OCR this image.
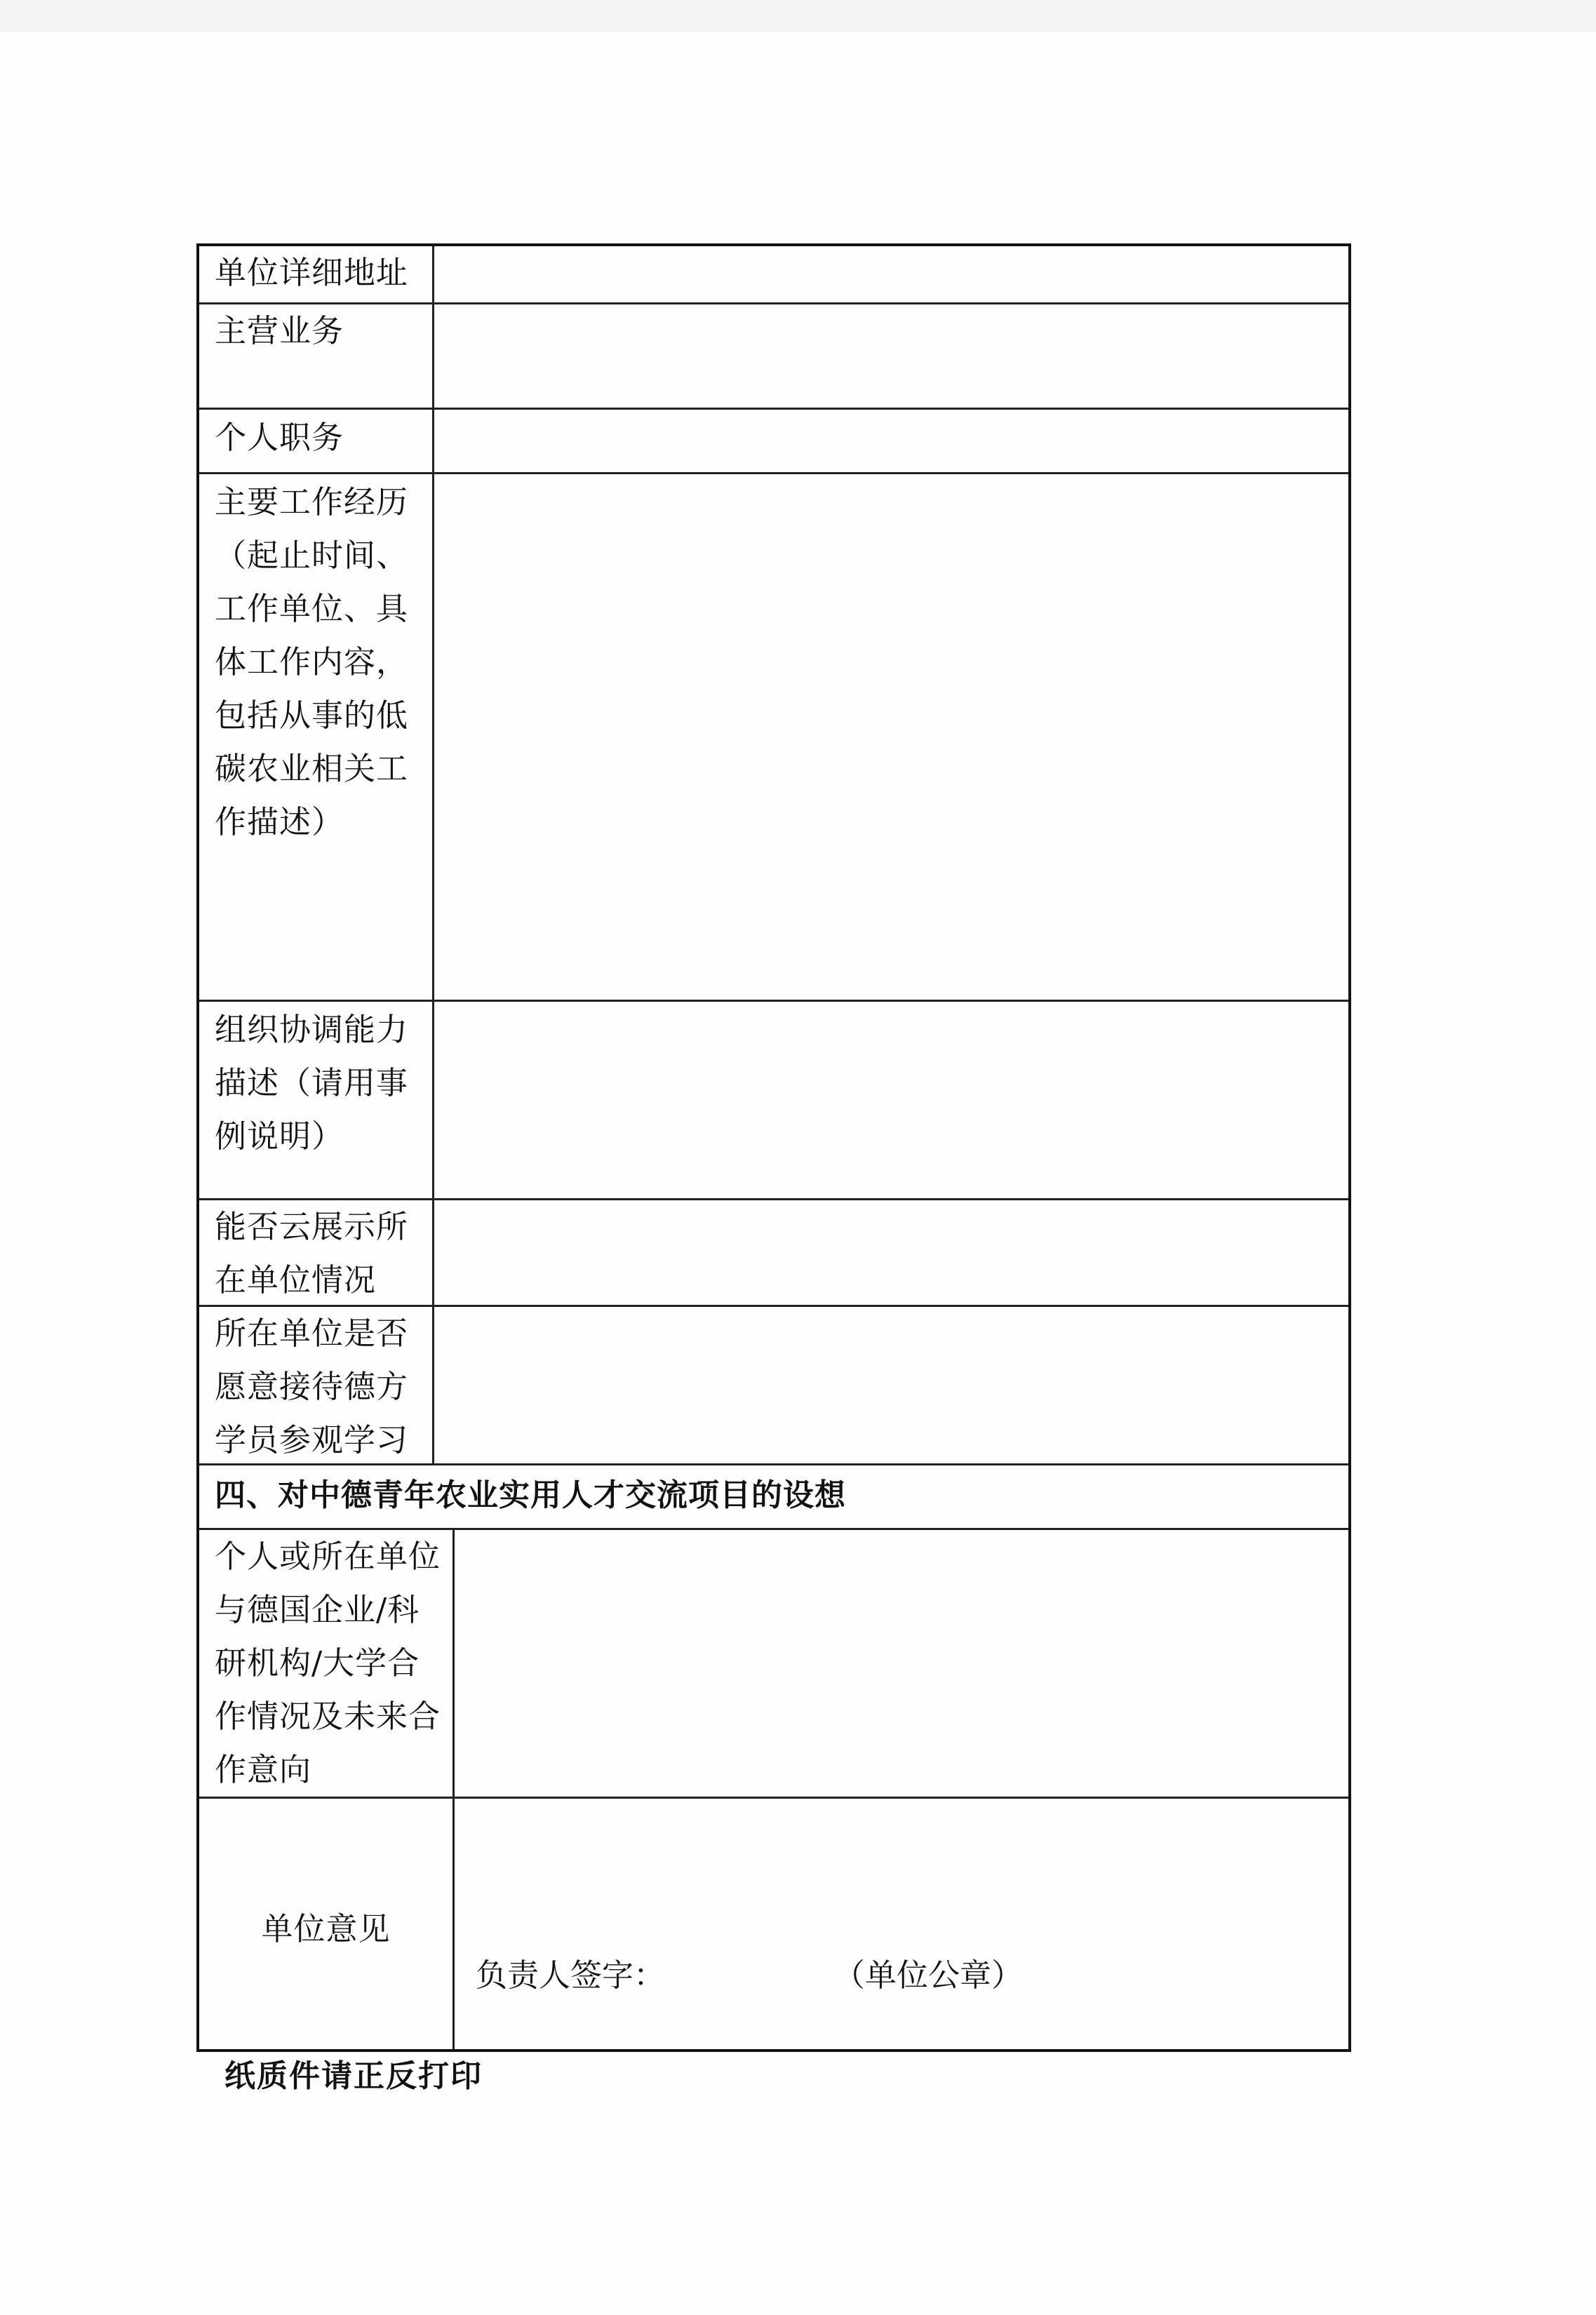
单位详细地址
主营业务
个人职务
主要工作经历
（起止时间、
工作单位、具
体工作内容，
包括从事的低
碳农业相关工
作描述）
组织协调能力
描述（请用事
例说明）
能否云展示所
在单位情况
所在单位是否
愿意接待德方
学员参观学习
四、对中德青年农业实用人才交流项目的设想
个人或所在单位
与德国企业/科
研机构/大学合
作情况及未来合
作意向
单位意见
负责人签字：	（单位公章）
纸质件请正反打印
